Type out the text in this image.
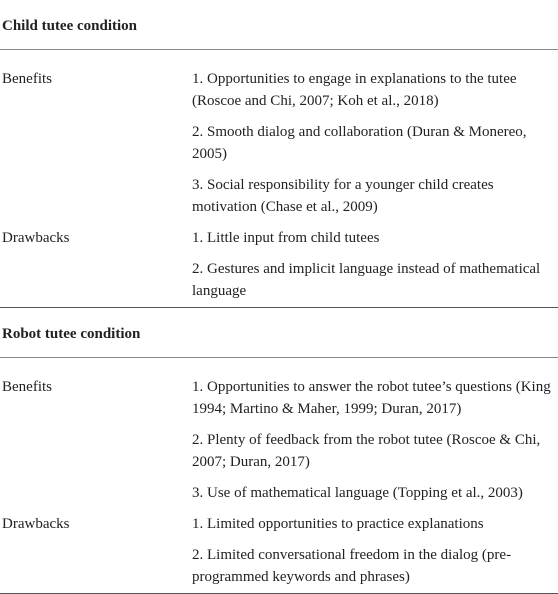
Child tutee condition
Benefits	1. Opportunities to engage in explanations to the tutee (Roscoe and Chi, 2007; Koh et al., 2018)
2. Smooth dialog and collaboration (Duran & Monereo, 2005)
3. Social responsibility for a younger child creates motivation (Chase et al., 2009)
Drawbacks	1. Little input from child tutees
2. Gestures and implicit language instead of mathematical language
Robot tutee condition
Benefits	1. Opportunities to answer the robot tutee’s questions (King 1994; Martino & Maher, 1999; Duran, 2017)
2. Plenty of feedback from the robot tutee (Roscoe & Chi, 2007; Duran, 2017)
3. Use of mathematical language (Topping et al., 2003)
Drawbacks	1. Limited opportunities to practice explanations
2. Limited conversational freedom in the dialog (pre-programmed keywords and phrases)
